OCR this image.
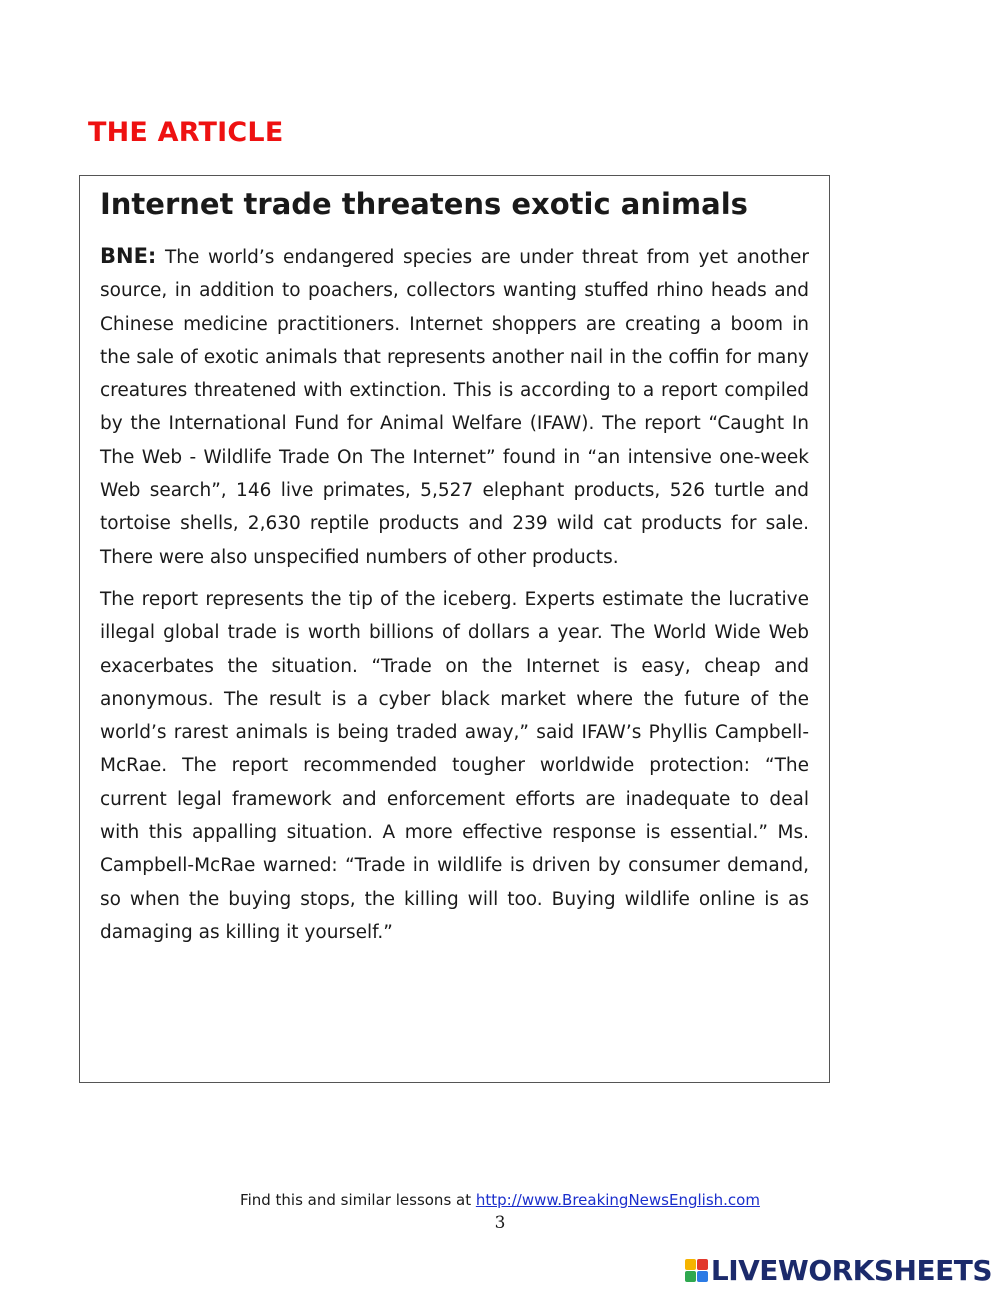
THE ARTICLE
Internet trade threatens exotic animals

BNE: The world’s endangered species are under threat from yet another source, in addition to poachers, collectors wanting stuffed rhino heads and Chinese medicine practitioners. Internet shoppers are creating a boom in the sale of exotic animals that represents another nail in the coffin for many creatures threatened with extinction. This is according to a report compiled by the International Fund for Animal Welfare (IFAW). The report “Caught In The Web - Wildlife Trade On The Internet” found in “an intensive one-week Web search”, 146 live primates, 5,527 elephant products, 526 turtle and tortoise shells, 2,630 reptile products and 239 wild cat products for sale. There were also unspecified numbers of other products.

The report represents the tip of the iceberg. Experts estimate the lucrative illegal global trade is worth billions of dollars a year. The World Wide Web exacerbates the situation. “Trade on the Internet is easy, cheap and anonymous. The result is a cyber black market where the future of the world’s rarest animals is being traded away,” said IFAW’s Phyllis Campbell-McRae. The report recommended tougher worldwide protection: “The current legal framework and enforcement efforts are inadequate to deal with this appalling situation. A more effective response is essential.” Ms. Campbell-McRae warned: “Trade in wildlife is driven by consumer demand, so when the buying stops, the killing will too. Buying wildlife online is as damaging as killing it yourself.”

Find this and similar lessons at http://www.BreakingNewsEnglish.com
3
LIVEWORKSHEETS
